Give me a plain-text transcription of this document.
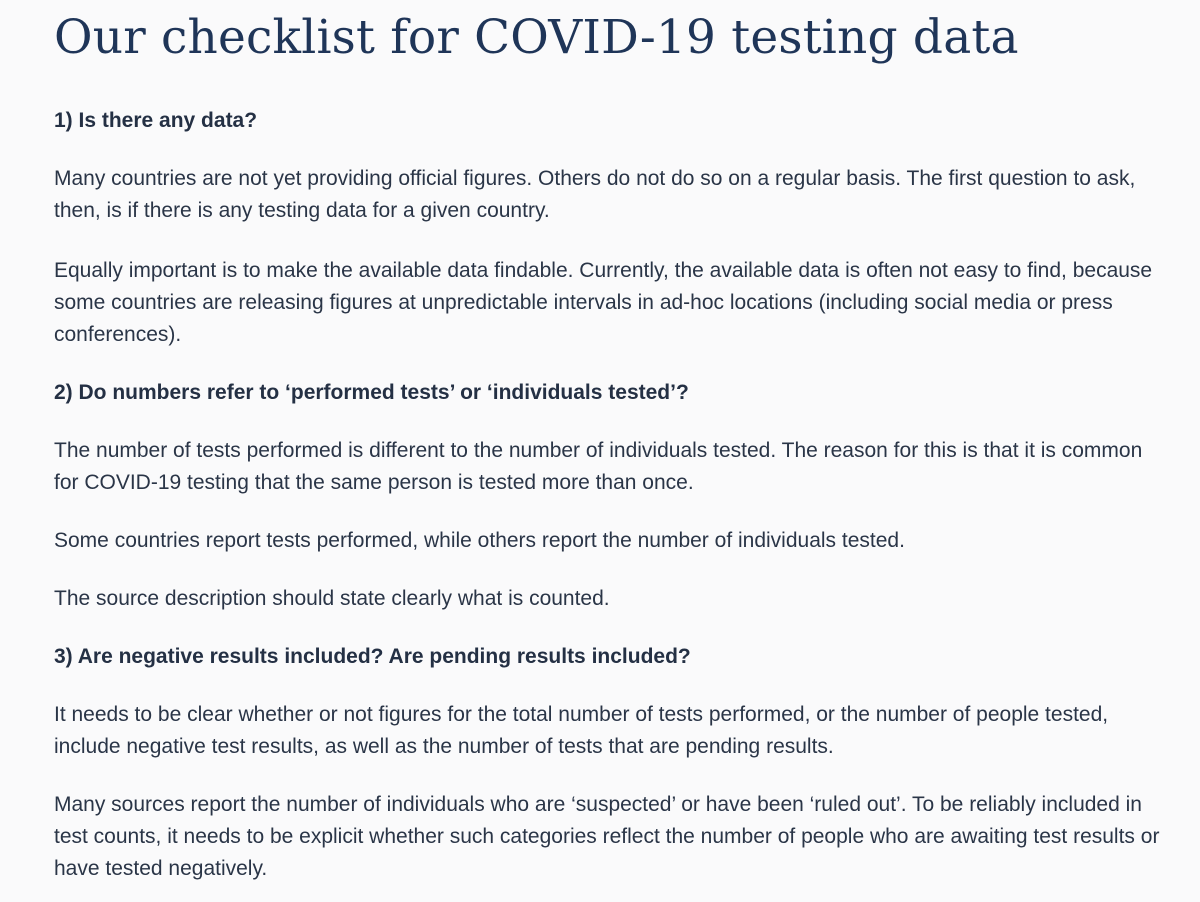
Our checklist for COVID-19 testing data
1) Is there any data?

Many countries are not yet providing official figures. Others do not do so on a regular basis. The first question to ask, then, is if there is any testing data for a given country.

Equally important is to make the available data findable. Currently, the available data is often not easy to find, because some countries are releasing figures at unpredictable intervals in ad-hoc locations (including social media or press conferences).

2) Do numbers refer to ‘performed tests’ or ‘individuals tested’?

The number of tests performed is different to the number of individuals tested. The reason for this is that it is common for COVID-19 testing that the same person is tested more than once.

Some countries report tests performed, while others report the number of individuals tested.

The source description should state clearly what is counted.

3) Are negative results included? Are pending results included?

It needs to be clear whether or not figures for the total number of tests performed, or the number of people tested, include negative test results, as well as the number of tests that are pending results.

Many sources report the number of individuals who are ‘suspected’ or have been ‘ruled out’. To be reliably included in test counts, it needs to be explicit whether such categories reflect the number of people who are awaiting test results or have tested negatively.
